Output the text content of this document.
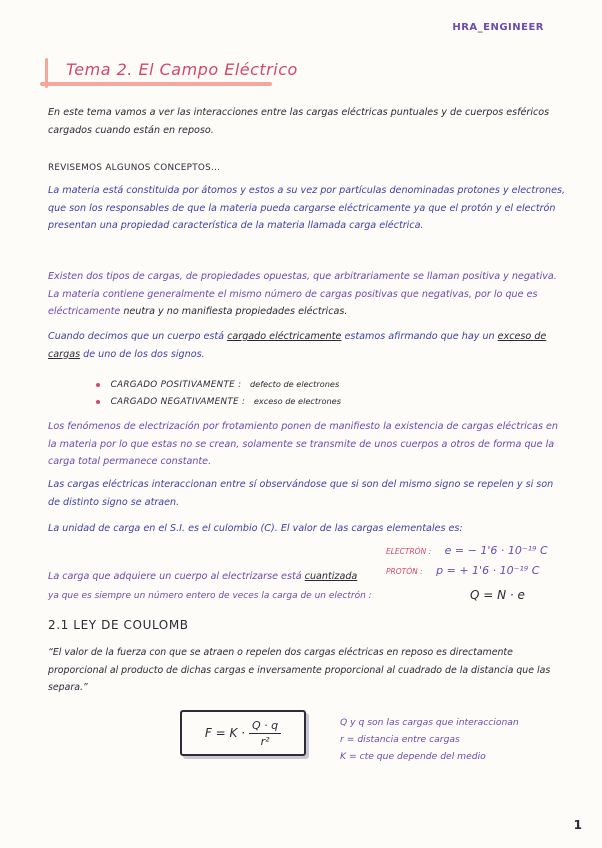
HRA_ENGINEER
Tema 2. El Campo Eléctrico
En este tema vamos a ver las interacciones entre las cargas eléctricas puntuales y de cuerpos esféricos cargados cuando están en reposo.
REVISEMOS ALGUNOS CONCEPTOS...
La materia está constituida por átomos y estos a su vez por partículas denominadas protones y electrones, que son los responsables de que la materia pueda cargarse eléctricamente ya que el protón y el electrón presentan una propiedad característica de la materia llamada carga eléctrica.
Existen dos tipos de cargas, de propiedades opuestas, que arbitrariamente se llaman positiva y negativa. La materia contiene generalmente el mismo número de cargas positivas que negativas, por lo que es eléctricamente neutra y no manifiesta propiedades eléctricas.
Cuando decimos que un cuerpo está cargado eléctricamente estamos afirmando que hay un exceso de cargas de uno de los dos signos.
CARGADO POSITIVAMENTE : defecto de electrones
CARGADO NEGATIVAMENTE : exceso de electrones
Los fenómenos de electrización por frotamiento ponen de manifiesto la existencia de cargas eléctricas en la materia por lo que estas no se crean, solamente se transmite de unos cuerpos a otros de forma que la carga total permanece constante.
Las cargas eléctricas interaccionan entre sí observándose que si son del mismo signo se repelen y si son de distinto signo se atraen.
La unidad de carga en el S.I. es el culombio (C). El valor de las cargas elementales es:
ELECTRÓN : e = − 1'6 · 10⁻¹⁹ C
PROTÓN : p = + 1'6 · 10⁻¹⁹ C
La carga que adquiere un cuerpo al electrizarse está cuantizada
ya que es siempre un número entero de veces la carga de un electrón :	Q = N · e
2.1 LEY DE COULOMB
“El valor de la fuerza con que se atraen o repelen dos cargas eléctricas en reposo es directamente proporcional al producto de dichas cargas e inversamente proporcional al cuadrado de la distancia que las separa.”
$F = K \cdot \frac{Q \cdot q}{\text{r²}}$	Q y q son las cargas que interaccionan
r = distancia entre cargas
K = cte que depende del medio
1
